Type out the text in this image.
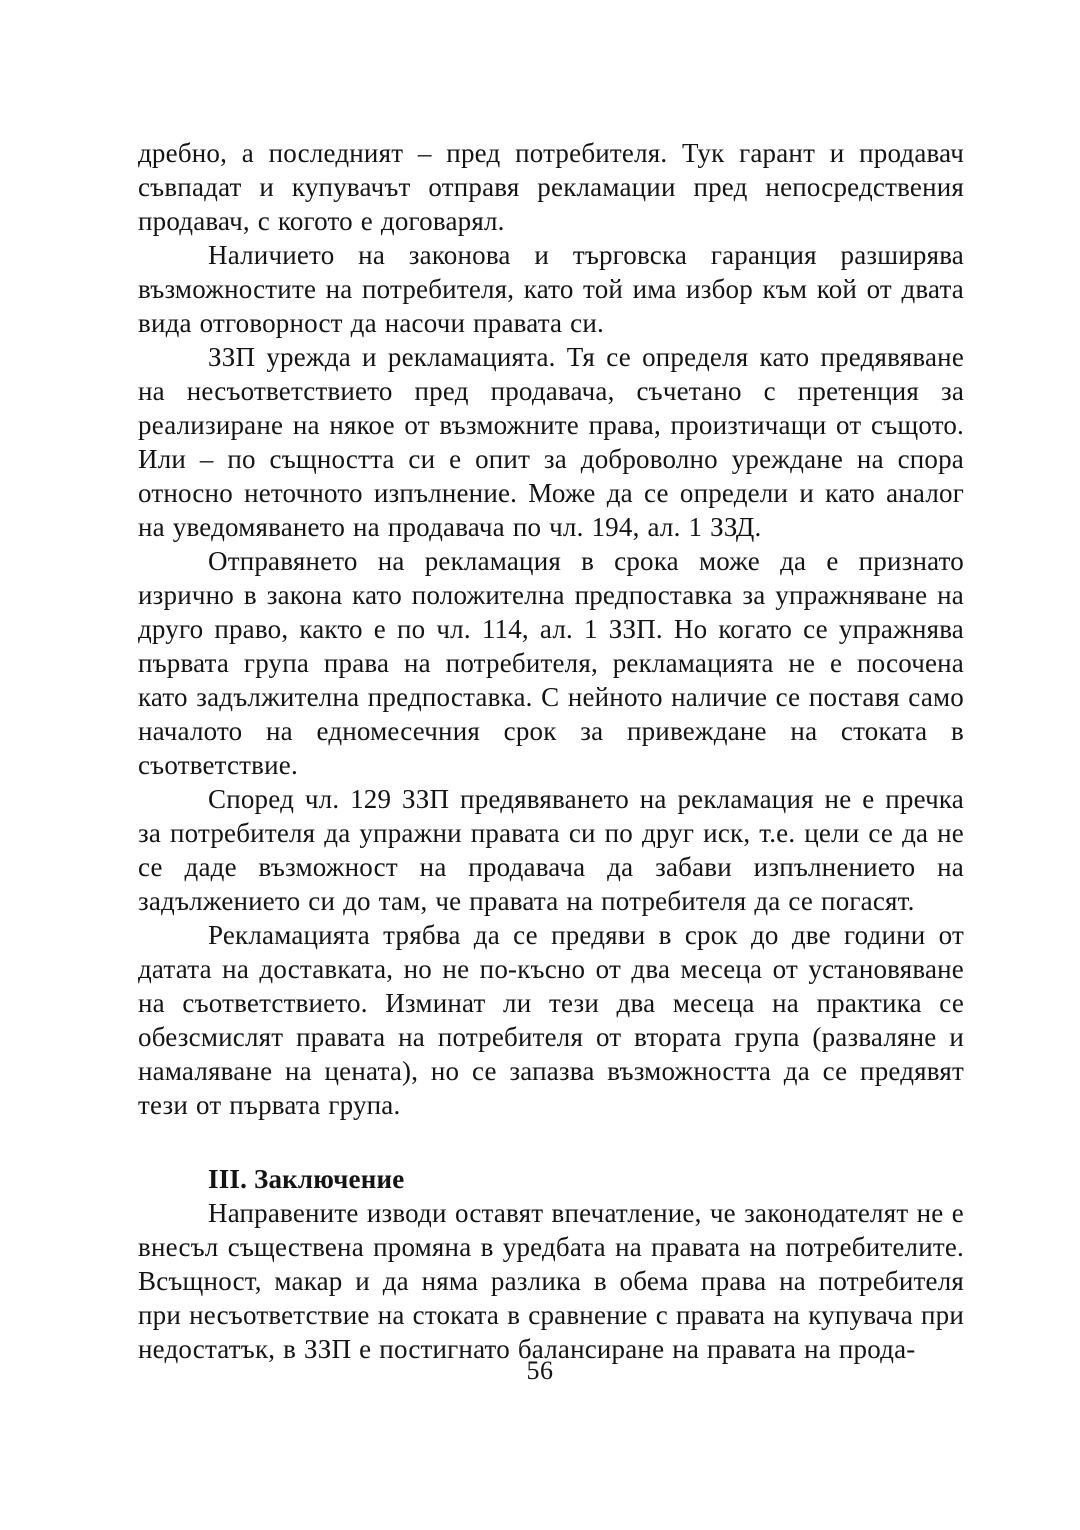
дребно, а последният – пред потребителя. Тук гарант и продавач съвпадат и купувачът отправя рекламации пред непосредствения продавач, с когото е договарял.

Наличието на законова и търговска гаранция разширява възможностите на потребителя, като той има избор към кой от двата вида отговорност да насочи правата си.

ЗЗП урежда и рекламацията. Тя се определя като предявяване на несъответствието пред продавача, съчетано с претенция за реализиране на някое от възможните права, произтичащи от същото. Или – по същността си е опит за доброволно уреждане на спора относно неточното изпълнение. Може да се определи и като аналог на уведомяването на продавача по чл. 194, ал. 1 ЗЗД.

Отправянето на рекламация в срока може да е признато изрично в закона като положителна предпоставка за упражняване на друго право, както е по чл. 114, ал. 1 ЗЗП. Но когато се упражнява първата група права на потребителя, рекламацията не е посочена като задължителна предпоставка. С нейното наличие се поставя само началото на едномесечния срок за привеждане на стоката в съответствие.

Според чл. 129 ЗЗП предявяването на рекламация не е пречка за потребителя да упражни правата си по друг иск, т.е. цели се да не се даде възможност на продавача да забави изпълнението на задължението си до там, че правата на потребителя да се погасят.

Рекламацията трябва да се предяви в срок до две години от датата на доставката, но не по-късно от два месеца от установяване на съответствието. Изминат ли тези два месеца на практика се обезсмислят правата на потребителя от втората група (разваляне и намаляване на цената), но се запазва възможността да се предявят тези от първата група.

III. Заключение

Направените изводи оставят впечатление, че законодателят не е внесъл съществена промяна в уредбата на правата на потребителите. Всъщност, макар и да няма разлика в обема права на потребителя при несъответствие на стоката в сравнение с правата на купувача при недостатък, в ЗЗП е постигнато балансиране на правата на прода-

56
